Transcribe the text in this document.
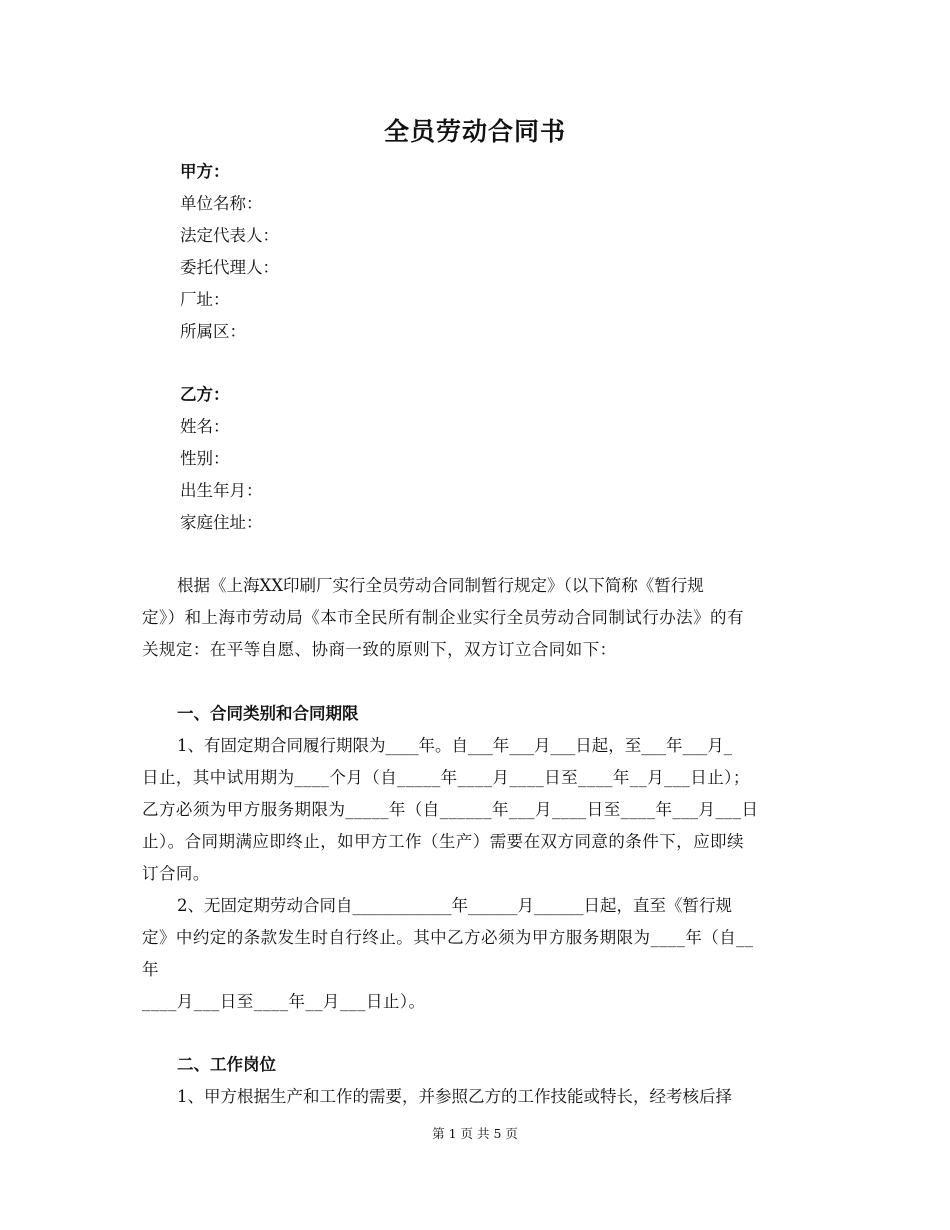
全员劳动合同书
甲方：
单位名称：
法定代表人：
委托代理人：
厂址：
所属区：
乙方：
姓名：
性别：
出生年月：
家庭住址：
根据《上海XX印刷厂实行全员劳动合同制暂行规定》（以下简称《暂行规
定》）和上海市劳动局《本市全民所有制企业实行全员劳动合同制试行办法》的有
关规定：在平等自愿、协商一致的原则下，双方订立合同如下：
一、合同类别和合同期限
1、有固定期合同履行期限为____年。自___年___月___日起，至___年___月_
日止，其中试用期为____个月（自_____年____月____日至____年__月___日止）；
乙方必须为甲方服务期限为_____年（自______年___月____日至____年___月___日
止）。合同期满应即终止，如甲方工作（生产）需要在双方同意的条件下，应即续
订合同。
2、无固定期劳动合同自____________年______月______日起，直至《暂行规
定》中约定的条款发生时自行终止。其中乙方必须为甲方服务期限为____年（自__
年
____月___日至____年__月___日止）。
二、工作岗位
1、甲方根据生产和工作的需要，并参照乙方的工作技能或特长，经考核后择
第 1 页 共 5 页
